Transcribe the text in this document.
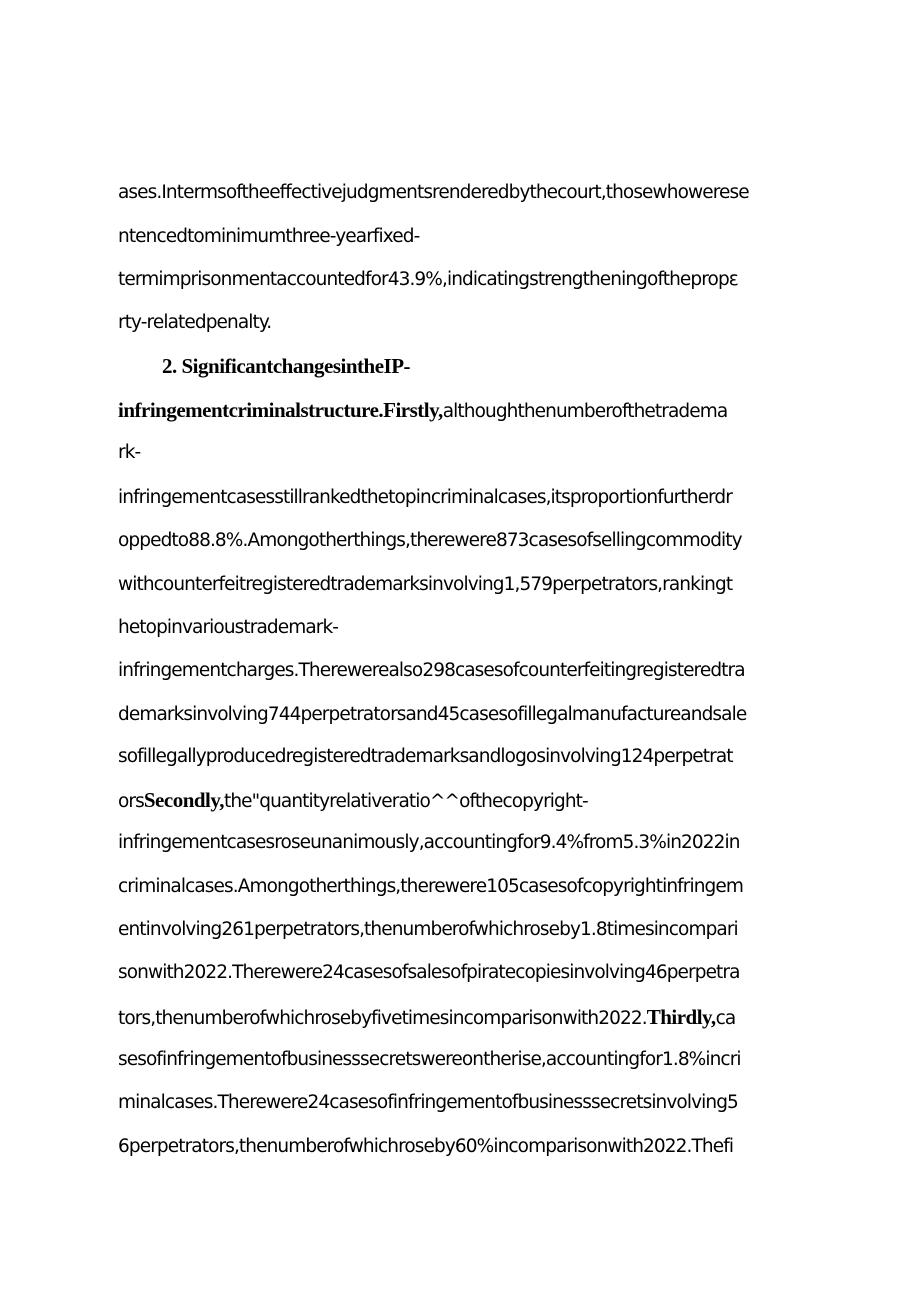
ases.Intermsoftheeffectivejudgmentsrenderedbythecourt,thosewhowerese
ntencedtominimumthree-yearfixed-
termimprisonmentaccountedfor43.9%,indicatingstrengtheningofthepropε
rty-relatedpenalty.
2. SignificantchangesintheIP-
infringementcriminalstructure.Firstly,althoughthenumberofthetradema
rk-
infringementcasesstillrankedthetopincriminalcases,itsproportionfurtherdr
oppedto88.8%.Amongotherthings,therewere873casesofsellingcommodity
withcounterfeitregisteredtrademarksinvolving1,579perpetrators,rankingt
hetopinvarioustrademark-
infringementcharges.Therewerealso298casesofcounterfeitingregisteredtra
demarksinvolving744perpetratorsand45casesofillegalmanufactureandsale
sofillegallyproducedregisteredtrademarksandlogosinvolving124perpetrat
orsSecondly,the"quantityrelativeratio^^ofthecopyright-
infringementcasesroseunanimously,accountingfor9.4%from5.3%in2022in
criminalcases.Amongotherthings,therewere105casesofcopyrightinfringem
entinvolving261perpetrators,thenumberofwhichroseby1.8timesincompari
sonwith2022.Therewere24casesofsalesofpiratecopiesinvolving46perpetra
tors,thenumberofwhichrosebyfivetimesincomparisonwith2022.Thirdly,ca
sesofinfringementofbusinesssecretswereontherise,accountingfor1.8%incri
minalcases.Therewere24casesofinfringementofbusinesssecretsinvolving5
6perpetrators,thenumberofwhichroseby60%incomparisonwith2022.Thefi
